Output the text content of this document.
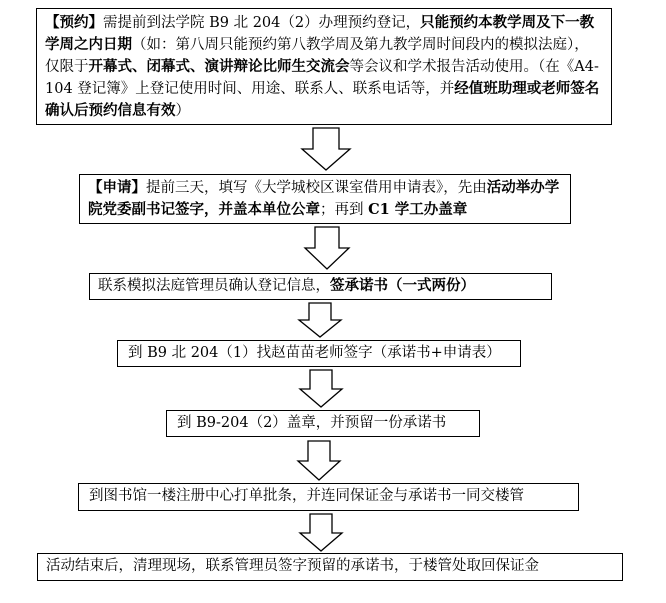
【预约】需提前到法学院 B9 北 204（2）办理预约登记，只能预约本教学周及下一教学周之内日期（如：第八周只能预约第八教学周及第九教学周时间段内的模拟法庭），仅限于开幕式、闭幕式、演讲辩论比师生交流会等会议和学术报告活动使用。（在《A4-104 登记簿》上登记使用时间、用途、联系人、联系电话等，并经值班助理或老师签名确认后预约信息有效）
【申请】提前三天，填写《大学城校区课室借用申请表》，先由活动举办学院党委副书记签字，并盖本单位公章；再到 C1 学工办盖章
联系模拟法庭管理员确认登记信息，签承诺书（一式两份）
到 B9 北 204（1）找赵苗苗老师签字（承诺书+申请表）
到 B9-204（2）盖章，并预留一份承诺书
到图书馆一楼注册中心打单批条，并连同保证金与承诺书一同交楼管
活动结束后，清理现场，联系管理员签字预留的承诺书，于楼管处取回保证金
